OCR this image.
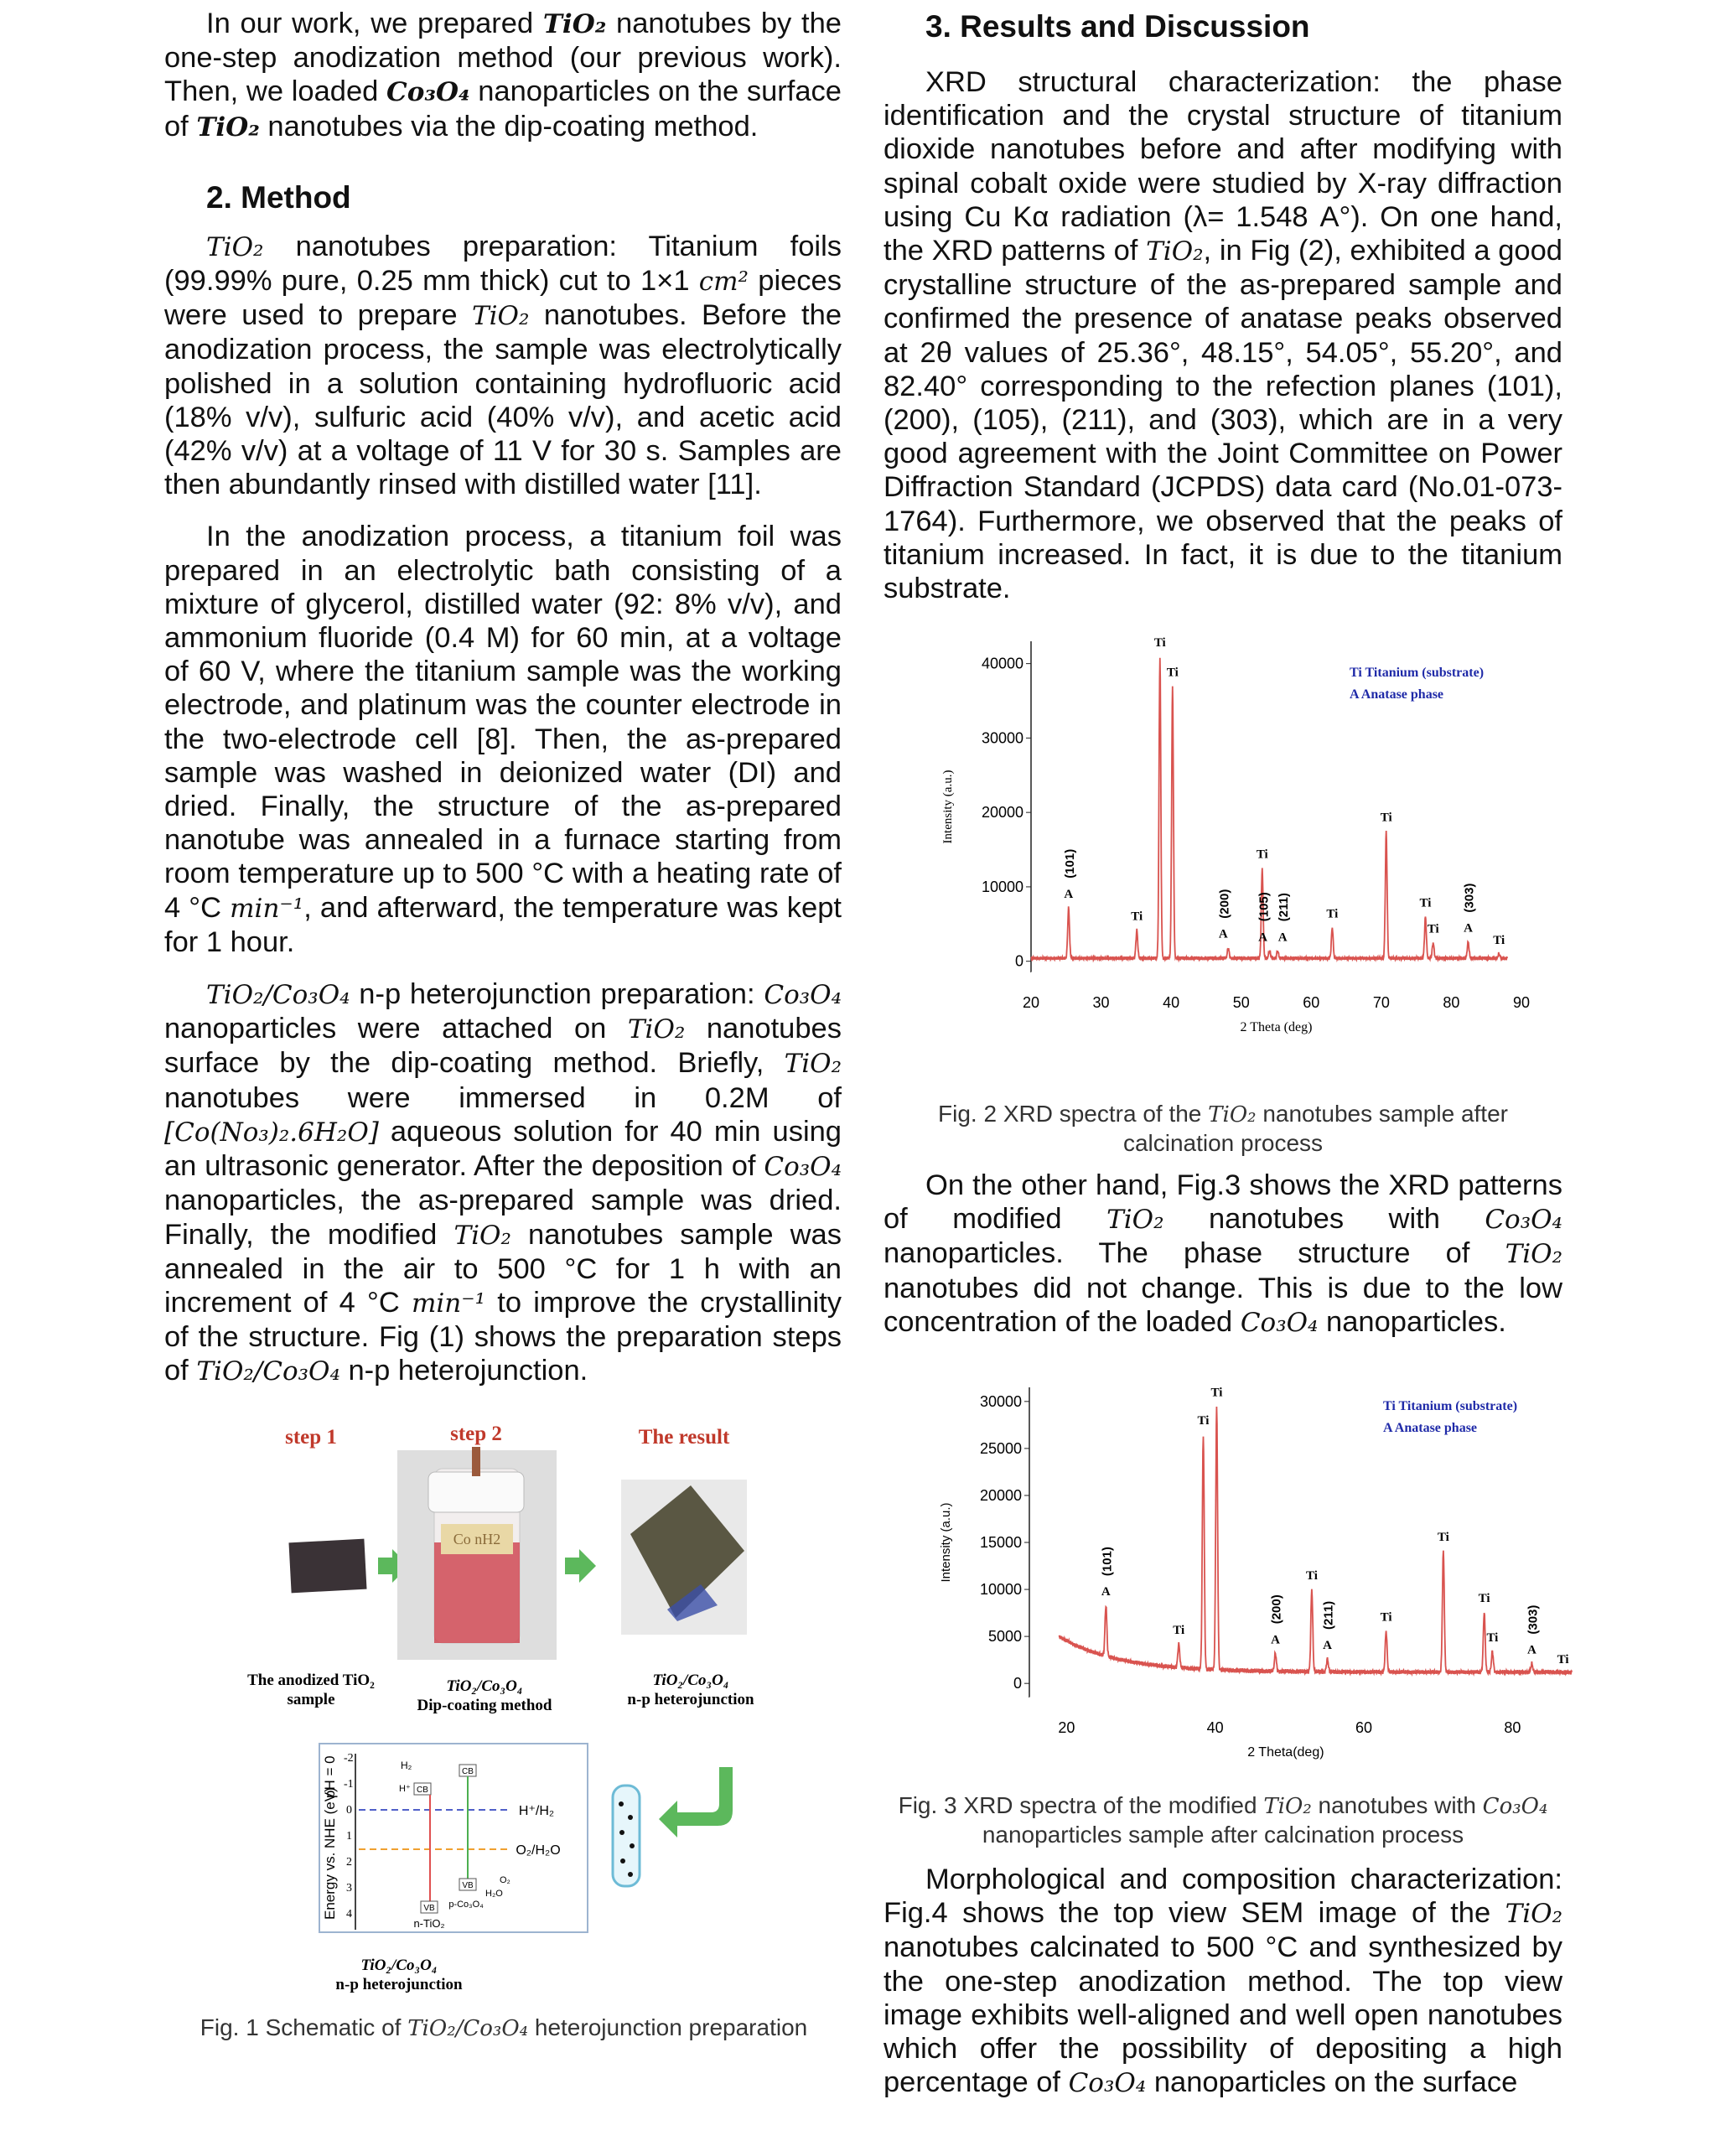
In our work, we prepared TiO₂ nanotubes by the one-step anodization method (our previous work). Then, we loaded Co₃O₄ nanoparticles on the surface of TiO₂ nanotubes via the dip-coating method.

2. Method

TiO₂ nanotubes preparation: Titanium foils (99.99% pure, 0.25 mm thick) cut to 1×1 cm² pieces were used to prepare TiO₂ nanotubes. Before the anodization process, the sample was electrolytically polished in a solution containing hydrofluoric acid (18% v/v), sulfuric acid (40% v/v), and acetic acid (42% v/v) at a voltage of 11 V for 30 s. Samples are then abundantly rinsed with distilled water [11].

In the anodization process, a titanium foil was prepared in an electrolytic bath consisting of a mixture of glycerol, distilled water (92: 8% v/v), and ammonium fluoride (0.4 M) for 60 min, at a voltage of 60 V, where the titanium sample was the working electrode, and platinum was the counter electrode in the two-electrode cell [8]. Then, the as-prepared sample was washed in deionized water (DI) and dried. Finally, the structure of the as-prepared nanotube was annealed in a furnace starting from room temperature up to 500 °C with a heating rate of 4 °C min⁻¹, and afterward, the temperature was kept for 1 hour.

TiO₂/Co₃O₄ n-p heterojunction preparation: Co₃O₄ nanoparticles were attached on TiO₂ nanotubes surface by the dip-coating method. Briefly, TiO₂ nanotubes were immersed in 0.2M of [Co(No₃)₂.6H₂O] aqueous solution for 40 min using an ultrasonic generator. After the deposition of Co₃O₄ nanoparticles, the as-prepared sample was dried. Finally, the modified TiO₂ nanotubes sample was annealed in the air to 500 °C for 1 h with an increment of 4 °C min⁻¹ to improve the crystallinity of the structure. Fig (1) shows the preparation steps of TiO₂/Co₃O₄ n-p heterojunction.

step 1	step 2	The result
Co nH2
The anodized TiO₂
sample
TiO₂/Co₃O₄
Dip-coating method
TiO₂/Co₃O₄
n-p heterojunction
Energy vs. NHE (eV)
pH = 0 -2
-1
0
1
2
3
4
H⁺/H₂
O₂/H₂O
H₂
H⁺ CB
VB
n-TiO₂
CB
VB
p-Co₃O₄
H₂O
O₂
TiO₂/Co₃O₄
n-p heterojunction

Fig. 1 Schematic of TiO₂/Co₃O₄ heterojunction preparation

3. Results and Discussion

XRD structural characterization: the phase identification and the crystal structure of titanium dioxide nanotubes before and after modifying with spinal cobalt oxide were studied by X-ray diffraction using Cu Kα radiation (λ= 1.548 A°). On one hand, the XRD patterns of TiO₂, in Fig (2), exhibited a good crystalline structure of the as-prepared sample and confirmed the presence of anatase peaks observed at 2θ values of 25.36°, 48.15°, 54.05°, 55.20°, and 82.40° corresponding to the refection planes (101), (200), (105), (211), and (303), which are in a very good agreement with the Joint Committee on Power Diffraction Standard (JCPDS) data card (No.01-073-1764). Furthermore, we observed that the peaks of titanium increased. In fact, it is due to the titanium substrate.

0
10000
20000
30000
40000
20	30	40	50	60	70	80	90
2 Theta (deg)
Intensity (a.u.)
A
(101)
Ti
Ti
Ti
A
(200)
Ti
A
(105)
A
(211)	Ti
Ti
Ti
Ti A
(303)
Ti
Ti Titanium (substrate)
A Anatase phase

Fig. 2 XRD spectra of the TiO₂ nanotubes sample after calcination process

On the other hand, Fig.3 shows the XRD patterns of modified TiO₂ nanotubes with Co₃O₄ nanoparticles. The phase structure of TiO₂ nanotubes did not change. This is due to the low concentration of the loaded Co₃O₄ nanoparticles.

0
5000
10000
15000
20000
25000
30000
20	40	60	80
2 Theta(deg)
Intensity (a.u.)
A
(101)
Ti
Ti
Ti
A
(200)
Ti
A
(211)	Ti
Ti
Ti
Ti
A
(303)
Ti
Ti Titanium (substrate)
A Anatase phase

Fig. 3 XRD spectra of the modified TiO₂ nanotubes with Co₃O₄ nanoparticles sample after calcination process

Morphological and composition characterization: Fig.4 shows the top view SEM image of the TiO₂ nanotubes calcinated to 500 °C and synthesized by the one-step anodization method. The top view image exhibits well-aligned and well open nanotubes which offer the possibility of depositing a high percentage of Co₃O₄ nanoparticles on the surface
